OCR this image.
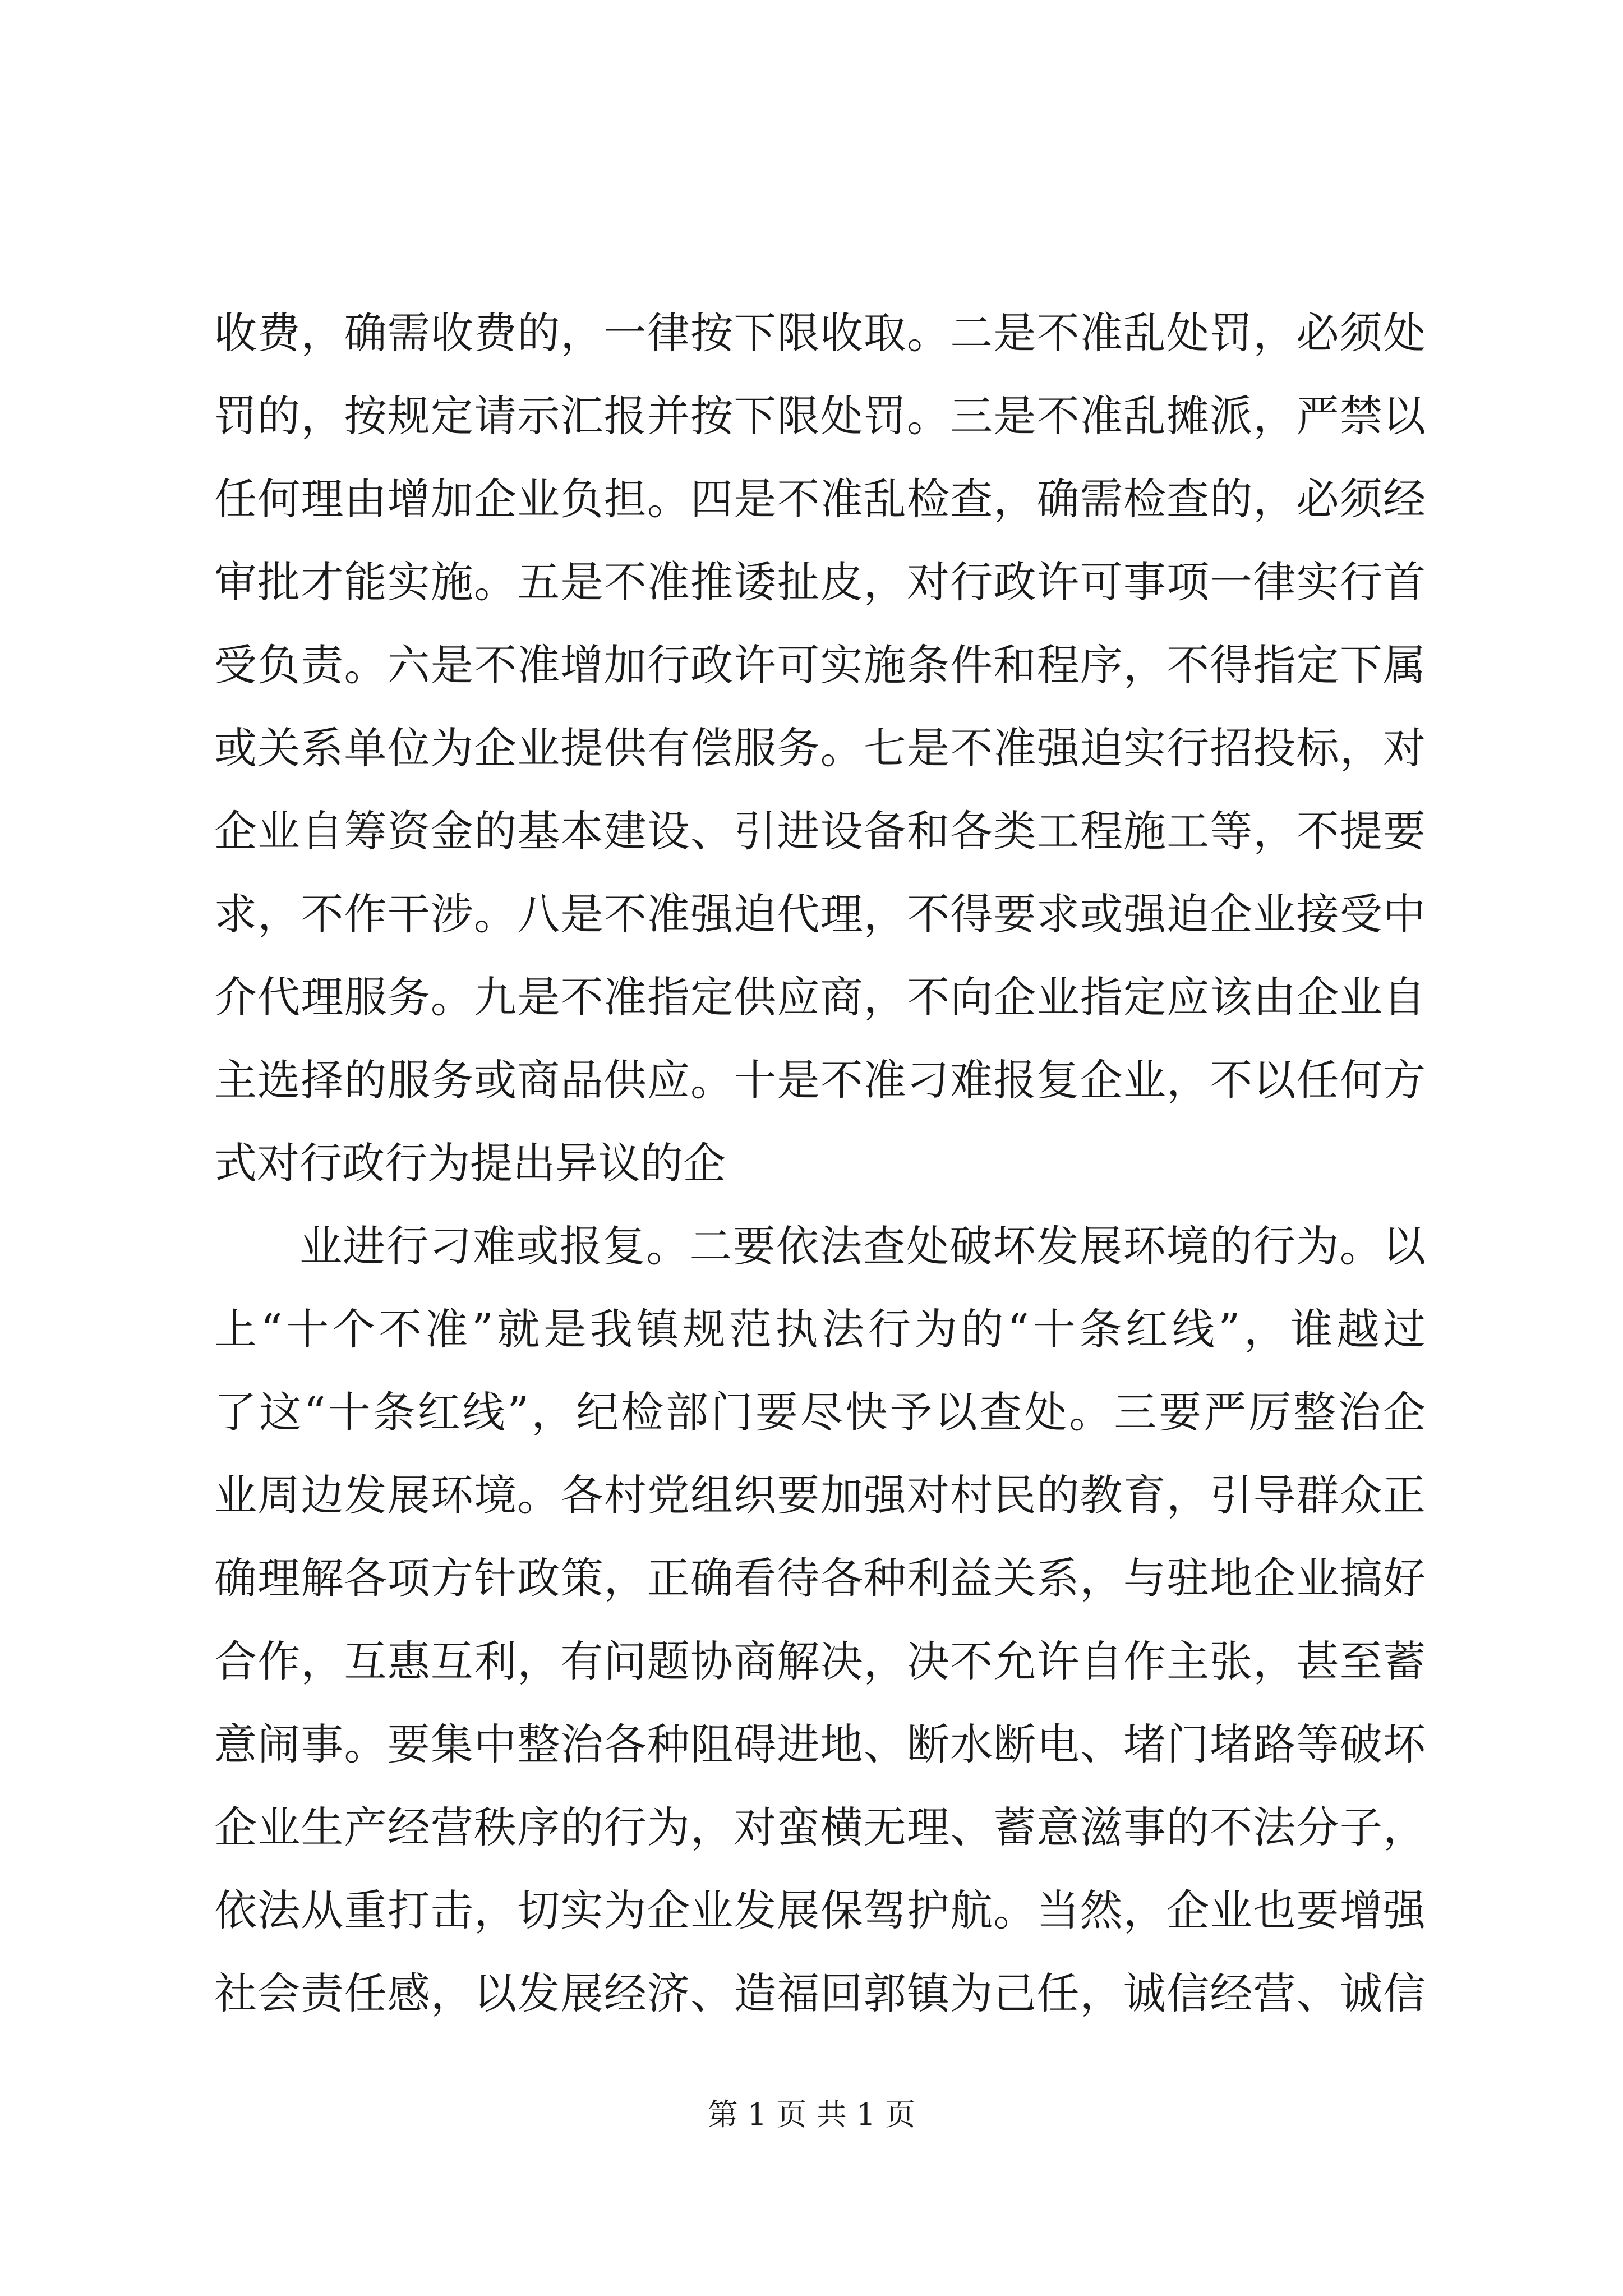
收费，确需收费的，一律按下限收取。二是不准乱处罚，必须处
罚的，按规定请示汇报并按下限处罚。三是不准乱摊派，严禁以
任何理由增加企业负担。四是不准乱检查，确需检查的，必须经
审批才能实施。五是不准推诿扯皮，对行政许可事项一律实行首
受负责。六是不准增加行政许可实施条件和程序，不得指定下属
或关系单位为企业提供有偿服务。七是不准强迫实行招投标，对
企业自筹资金的基本建设、引进设备和各类工程施工等，不提要
求，不作干涉。八是不准强迫代理，不得要求或强迫企业接受中
介代理服务。九是不准指定供应商，不向企业指定应该由企业自
主选择的服务或商品供应。十是不准刁难报复企业，不以任何方
式对行政行为提出异议的企
业进行刁难或报复。二要依法查处破坏发展环境的行为。以
上“十个不准”就是我镇规范执法行为的“十条红线”，谁越过
了这“十条红线”，纪检部门要尽快予以查处。三要严厉整治企
业周边发展环境。各村党组织要加强对村民的教育，引导群众正
确理解各项方针政策，正确看待各种利益关系，与驻地企业搞好
合作，互惠互利，有问题协商解决，决不允许自作主张，甚至蓄
意闹事。要集中整治各种阻碍进地、断水断电、堵门堵路等破坏
企业生产经营秩序的行为，对蛮横无理、蓄意滋事的不法分子，
依法从重打击，切实为企业发展保驾护航。当然，企业也要增强
社会责任感，以发展经济、造福回郭镇为己任，诚信经营、诚信
第 1 页 共 1 页
